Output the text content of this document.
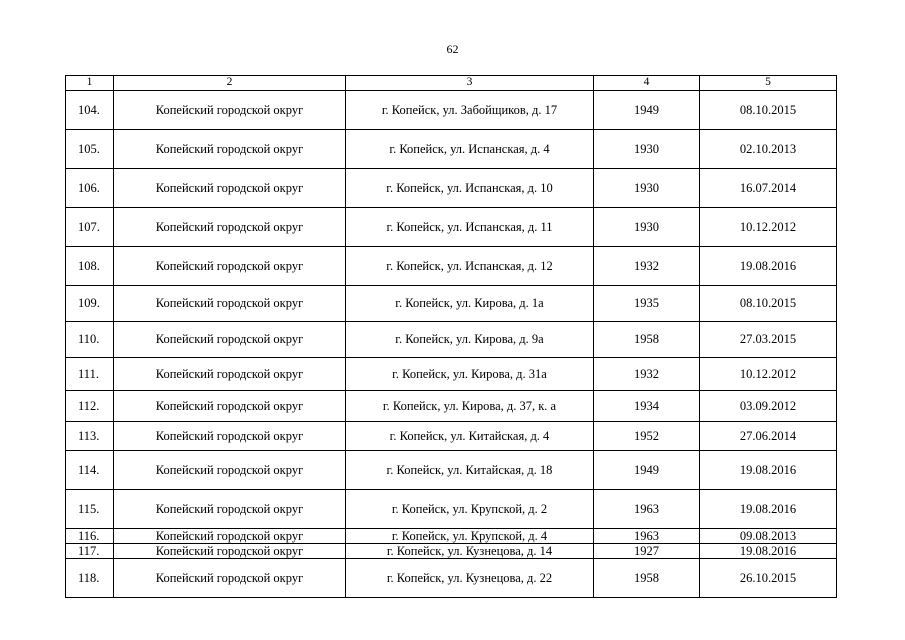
62
1	2	3	4	5
104.	Копейский городской округ	г. Копейск, ул. Забойщиков, д. 17	1949	08.10.2015
105.	Копейский городской округ	г. Копейск, ул. Испанская, д. 4	1930	02.10.2013
106.	Копейский городской округ	г. Копейск, ул. Испанская, д. 10	1930	16.07.2014
107.	Копейский городской округ	г. Копейск, ул. Испанская, д. 11	1930	10.12.2012
108.	Копейский городской округ	г. Копейск, ул. Испанская, д. 12	1932	19.08.2016
109.	Копейский городской округ	г. Копейск, ул. Кирова, д. 1а	1935	08.10.2015
110.	Копейский городской округ	г. Копейск, ул. Кирова, д. 9а	1958	27.03.2015
111.	Копейский городской округ	г. Копейск, ул. Кирова, д. 31а	1932	10.12.2012
112.	Копейский городской округ	г. Копейск, ул. Кирова, д. 37, к. а	1934	03.09.2012
113.	Копейский городской округ	г. Копейск, ул. Китайская, д. 4	1952	27.06.2014
114.	Копейский городской округ	г. Копейск, ул. Китайская, д. 18	1949	19.08.2016
115.	Копейский городской округ	г. Копейск, ул. Крупской, д. 2	1963	19.08.2016
116.	Копейский городской округ	г. Копейск, ул. Крупской, д. 4	1963	09.08.2013
117.	Копейский городской округ	г. Копейск, ул. Кузнецова, д. 14	1927	19.08.2016
118.	Копейский городской округ	г. Копейск, ул. Кузнецова, д. 22	1958	26.10.2015
